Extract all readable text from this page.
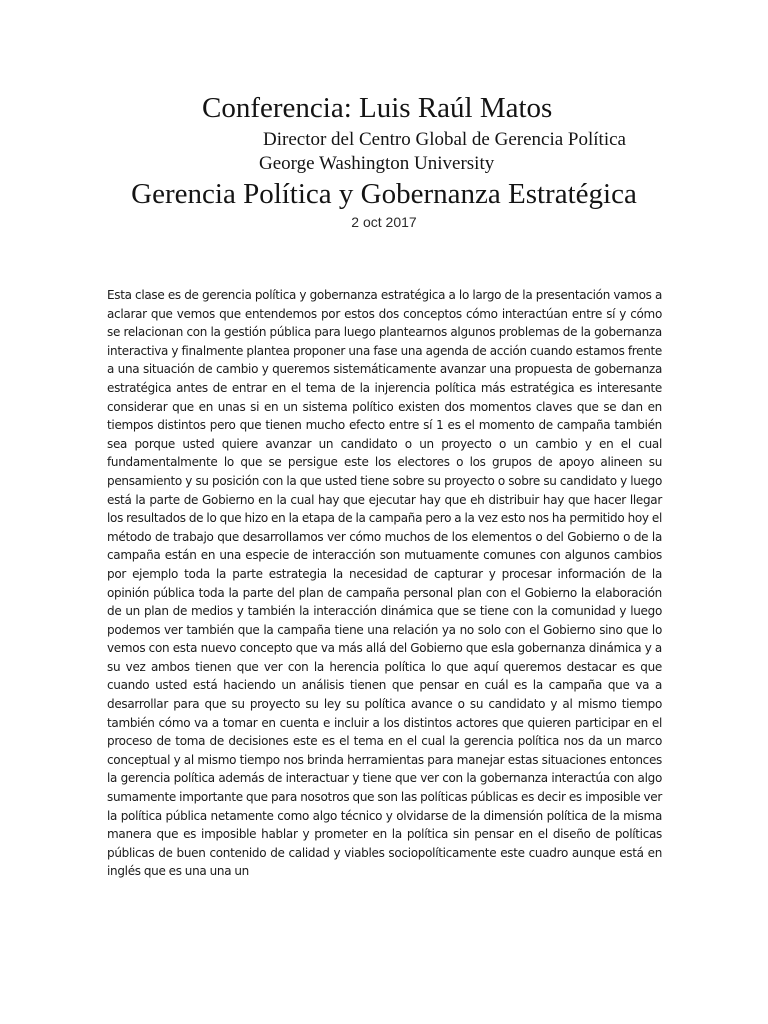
Conferencia: Luis Raúl Matos
Director del Centro Global de Gerencia Política
George Washington University
Gerencia Política y Gobernanza Estratégica
2 oct 2017

Esta clase es de gerencia política y gobernanza estratégica a lo largo de la presentación vamos a aclarar que vemos que entendemos por estos dos conceptos cómo interactúan entre sí y cómo se relacionan con la gestión pública para luego plantearnos algunos problemas de la gobernanza interactiva y finalmente plantea proponer una fase una agenda de acción cuando estamos frente a una situación de cambio y queremos sistemáticamente avanzar una propuesta de gobernanza estratégica antes de entrar en el tema de la injerencia política más estratégica es interesante considerar que en unas si en un sistema político existen dos momentos claves que se dan en tiempos distintos pero que tienen mucho efecto entre sí 1 es el momento de campaña también sea porque usted quiere avanzar un candidato o un proyecto o un cambio y en el cual fundamentalmente lo que se persigue este los electores o los grupos de apoyo alineen su pensamiento y su posición con la que usted tiene sobre su proyecto o sobre su candidato y luego está la parte de Gobierno en la cual hay que ejecutar hay que eh distribuir hay que hacer llegar los resultados de lo que hizo en la etapa de la campaña pero a la vez esto nos ha permitido hoy el método de trabajo que desarrollamos ver cómo muchos de los elementos o del Gobierno o de la campaña están en una especie de interacción son mutuamente comunes con algunos cambios por ejemplo toda la parte estrategia la necesidad de capturar y procesar información de la opinión pública toda la parte del plan de campaña personal plan con el Gobierno la elaboración de un plan de medios y también la interacción dinámica que se tiene con la comunidad y luego podemos ver también que la campaña tiene una relación ya no solo con el Gobierno sino que lo vemos con esta nuevo concepto que va más allá del Gobierno que esla gobernanza dinámica y a su vez ambos tienen que ver con la herencia política lo que aquí queremos destacar es que cuando usted está haciendo un análisis tienen que pensar en cuál es la campaña que va a desarrollar para que su proyecto su ley su política avance o su candidato y al mismo tiempo también cómo va a tomar en cuenta e incluir a los distintos actores que quieren participar en el proceso de toma de decisiones este es el tema en el cual la gerencia política nos da un marco conceptual y al mismo tiempo nos brinda herramientas para manejar estas situaciones entonces la gerencia política además de interactuar y tiene que ver con la gobernanza interactúa con algo sumamente importante que para nosotros que son las políticas públicas es decir es imposible ver la política pública netamente como algo técnico y olvidarse de la dimensión política de la misma manera que es imposible hablar y prometer en la política sin pensar en el diseño de políticas públicas de buen contenido de calidad y viables sociopolíticamente este cuadro aunque está en inglés que es una una un
